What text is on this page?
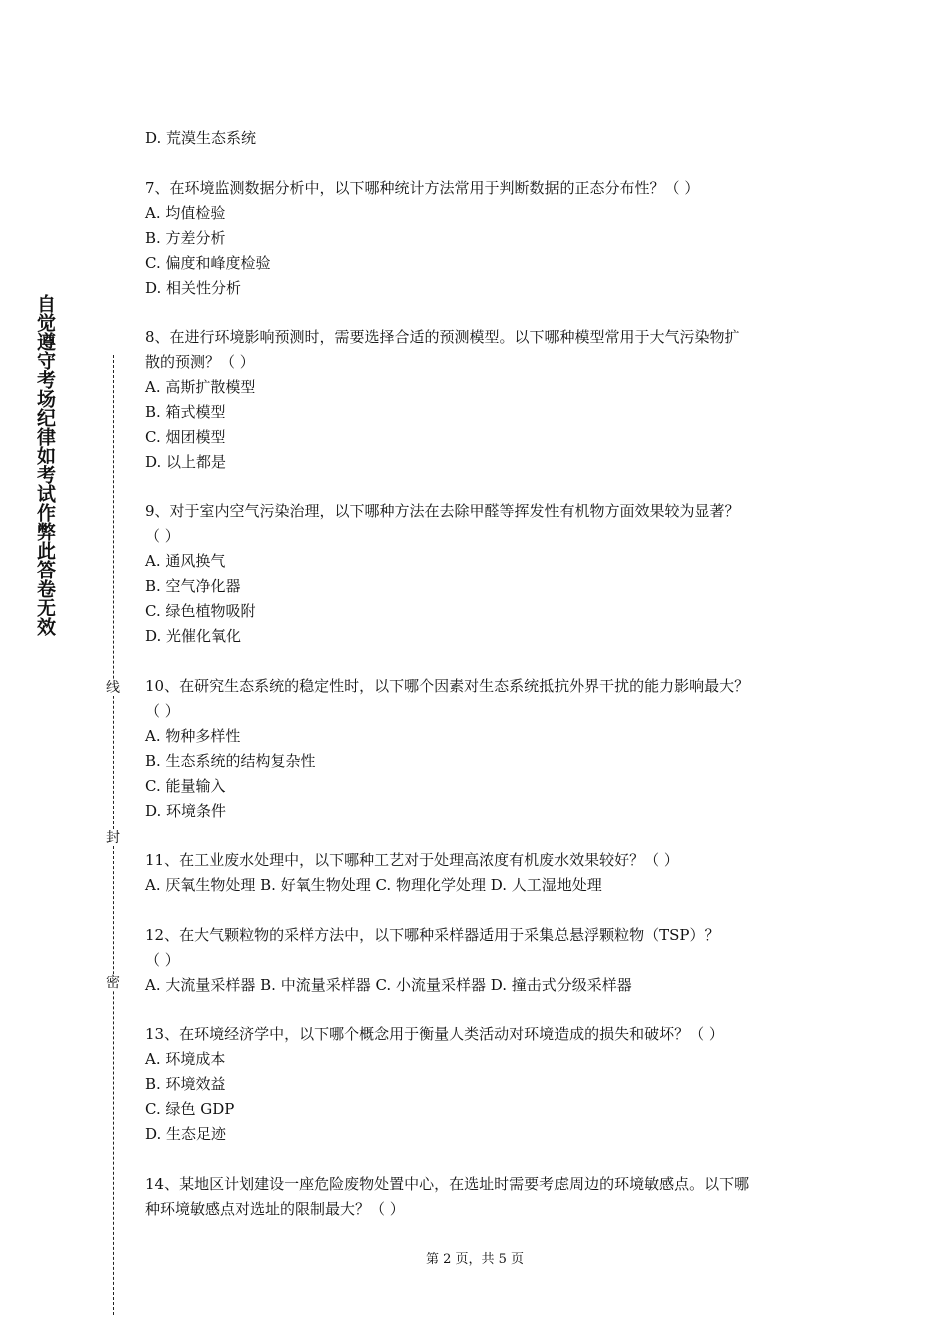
自觉遵守考场纪律如考试作弊此答卷无效
线
封
密
D. 荒漠生态系统
7、在环境监测数据分析中，以下哪种统计方法常用于判断数据的正态分布性？（ ）
A. 均值检验
B. 方差分析
C. 偏度和峰度检验
D. 相关性分析
8、在进行环境影响预测时，需要选择合适的预测模型。以下哪种模型常用于大气污染物扩
散的预测？（ ）
A. 高斯扩散模型
B. 箱式模型
C. 烟团模型
D. 以上都是
9、对于室内空气污染治理，以下哪种方法在去除甲醛等挥发性有机物方面效果较为显著？
（ ）
A. 通风换气
B. 空气净化器
C. 绿色植物吸附
D. 光催化氧化
10、在研究生态系统的稳定性时，以下哪个因素对生态系统抵抗外界干扰的能力影响最大？
（ ）
A. 物种多样性
B. 生态系统的结构复杂性
C. 能量输入
D. 环境条件
11、在工业废水处理中，以下哪种工艺对于处理高浓度有机废水效果较好？（ ）
A. 厌氧生物处理 B. 好氧生物处理 C. 物理化学处理 D. 人工湿地处理
12、在大气颗粒物的采样方法中，以下哪种采样器适用于采集总悬浮颗粒物（TSP）？
（ ）
A. 大流量采样器 B. 中流量采样器 C. 小流量采样器 D. 撞击式分级采样器
13、在环境经济学中，以下哪个概念用于衡量人类活动对环境造成的损失和破坏？（ ）
A. 环境成本
B. 环境效益
C. 绿色 GDP
D. 生态足迹
14、某地区计划建设一座危险废物处置中心，在选址时需要考虑周边的环境敏感点。以下哪
种环境敏感点对选址的限制最大？（ ）
第 2 页，共 5 页
